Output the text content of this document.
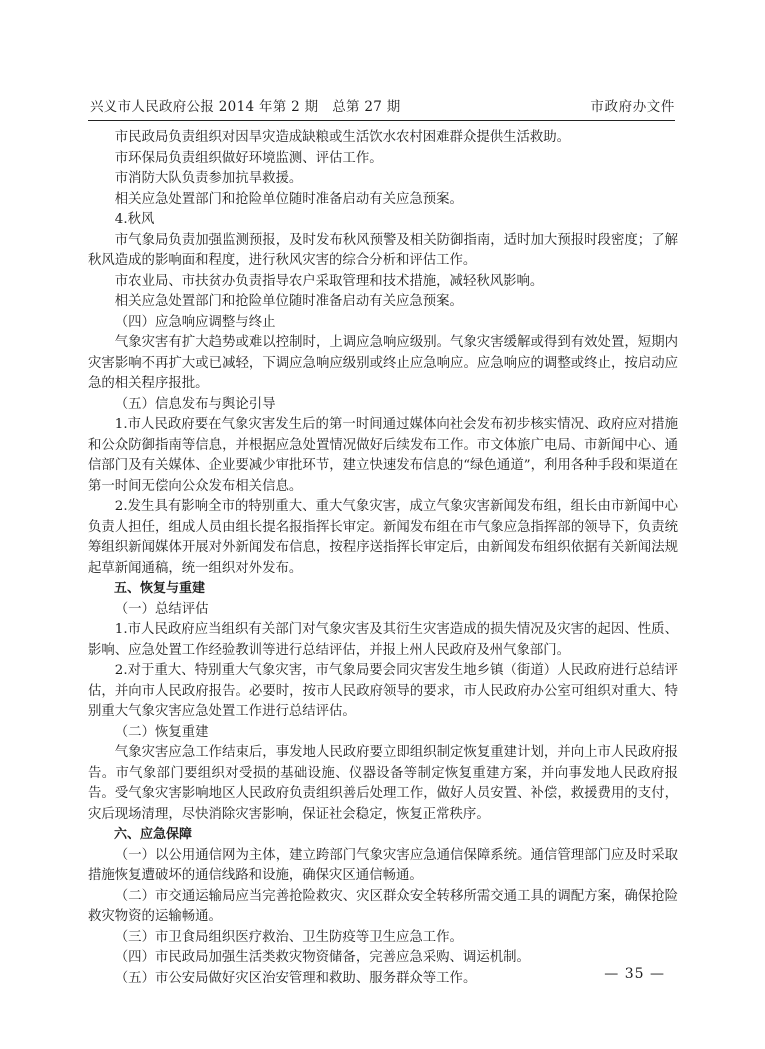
兴义市人民政府公报 2014 年第 2 期　总第 27 期	市政府办文件

市民政局负责组织对因旱灾造成缺粮或生活饮水农村困难群众提供生活救助。

市环保局负责组织做好环境监测、评估工作。

市消防大队负责参加抗旱救援。

相关应急处置部门和抢险单位随时准备启动有关应急预案。

4.秋风

市气象局负责加强监测预报，及时发布秋风预警及相关防御指南，适时加大预报时段密度；了解秋风造成的影响面和程度，进行秋风灾害的综合分析和评估工作。

市农业局、市扶贫办负责指导农户采取管理和技术措施，减轻秋风影响。

相关应急处置部门和抢险单位随时准备启动有关应急预案。

（四）应急响应调整与终止

气象灾害有扩大趋势或难以控制时，上调应急响应级别。气象灾害缓解或得到有效处置，短期内灾害影响不再扩大或已减轻，下调应急响应级别或终止应急响应。应急响应的调整或终止，按启动应急的相关程序报批。

（五）信息发布与舆论引导

1.市人民政府要在气象灾害发生后的第一时间通过媒体向社会发布初步核实情况、政府应对措施和公众防御指南等信息，并根据应急处置情况做好后续发布工作。市文体旅广电局、市新闻中心、通信部门及有关媒体、企业要减少审批环节，建立快速发布信息的“绿色通道”，利用各种手段和渠道在第一时间无偿向公众发布相关信息。

2.发生具有影响全市的特别重大、重大气象灾害，成立气象灾害新闻发布组，组长由市新闻中心负责人担任，组成人员由组长提名报指挥长审定。新闻发布组在市气象应急指挥部的领导下，负责统筹组织新闻媒体开展对外新闻发布信息，按程序送指挥长审定后，由新闻发布组织依据有关新闻法规起草新闻通稿，统一组织对外发布。

五、恢复与重建

（一）总结评估

1.市人民政府应当组织有关部门对气象灾害及其衍生灾害造成的损失情况及灾害的起因、性质、影响、应急处置工作经验教训等进行总结评估，并报上州人民政府及州气象部门。

2.对于重大、特别重大气象灾害，市气象局要会同灾害发生地乡镇（街道）人民政府进行总结评估，并向市人民政府报告。必要时，按市人民政府领导的要求，市人民政府办公室可组织对重大、特别重大气象灾害应急处置工作进行总结评估。

（二）恢复重建

气象灾害应急工作结束后，事发地人民政府要立即组织制定恢复重建计划，并向上市人民政府报告。市气象部门要组织对受损的基础设施、仪器设备等制定恢复重建方案，并向事发地人民政府报告。受气象灾害影响地区人民政府负责组织善后处理工作，做好人员安置、补偿，救援费用的支付，灾后现场清理，尽快消除灾害影响，保证社会稳定，恢复正常秩序。

六、应急保障

（一）以公用通信网为主体，建立跨部门气象灾害应急通信保障系统。通信管理部门应及时采取措施恢复遭破坏的通信线路和设施，确保灾区通信畅通。

（二）市交通运输局应当完善抢险救灾、灾区群众安全转移所需交通工具的调配方案，确保抢险救灾物资的运输畅通。

（三）市卫食局组织医疗救治、卫生防疫等卫生应急工作。

（四）市民政局加强生活类救灾物资储备，完善应急采购、调运机制。

（五）市公安局做好灾区治安管理和救助、服务群众等工作。	— 35 —
